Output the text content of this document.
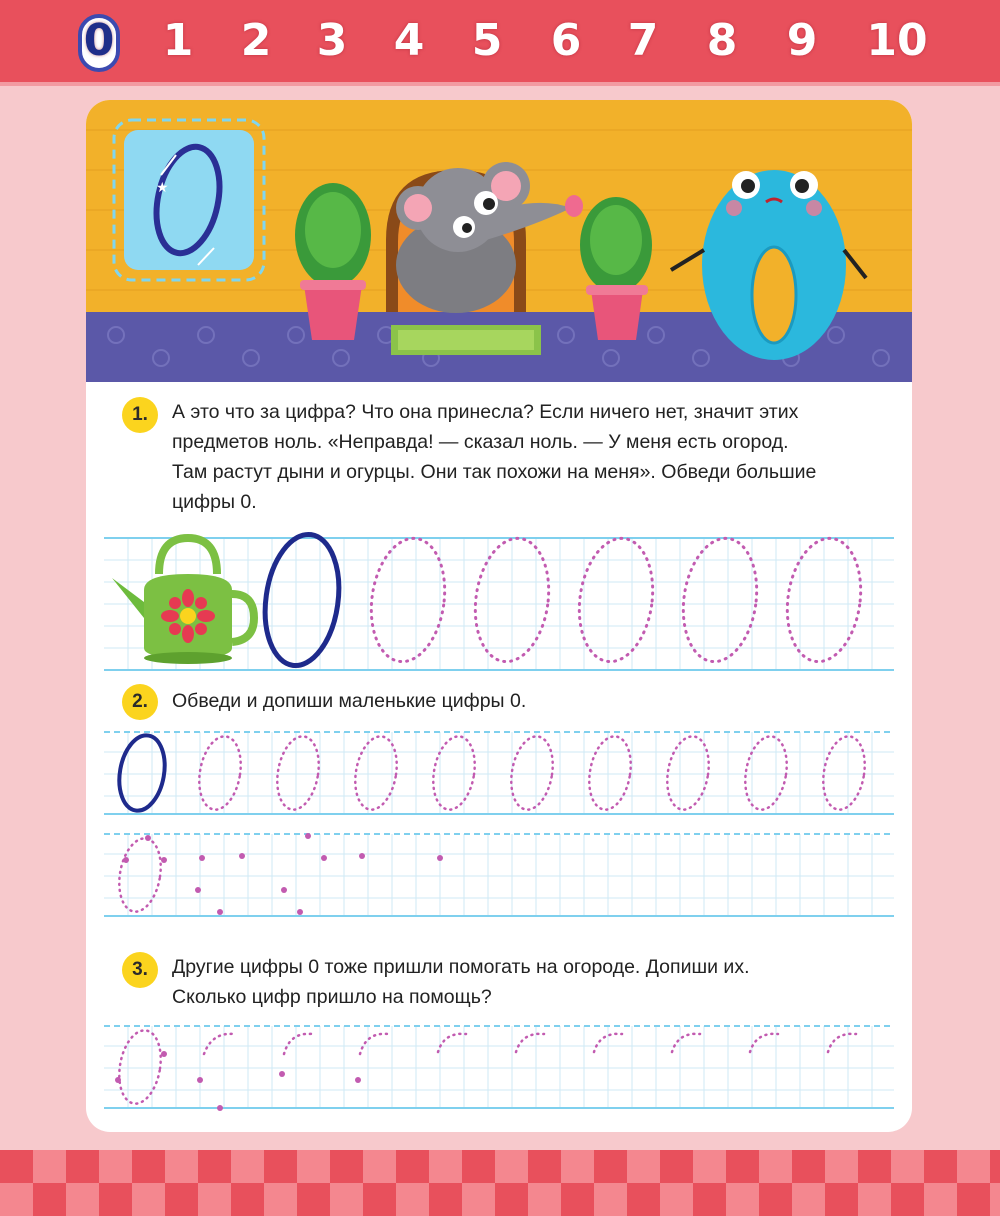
0 1 2 3 4 5 6 7 8 9 10
★
1.	А это что за цифра? Что она принесла? Если ничего нет, значит этих
предметов ноль. «Неправда! — сказал ноль. — У меня есть огород.
Там растут дыни и огурцы. Они так похожи на меня». Обведи большие
цифры 0.
2.	Обведи и допиши маленькие цифры 0.
3.	Другие цифры 0 тоже пришли помогать на огороде. Допиши их.
Сколько цифр пришло на помощь?
